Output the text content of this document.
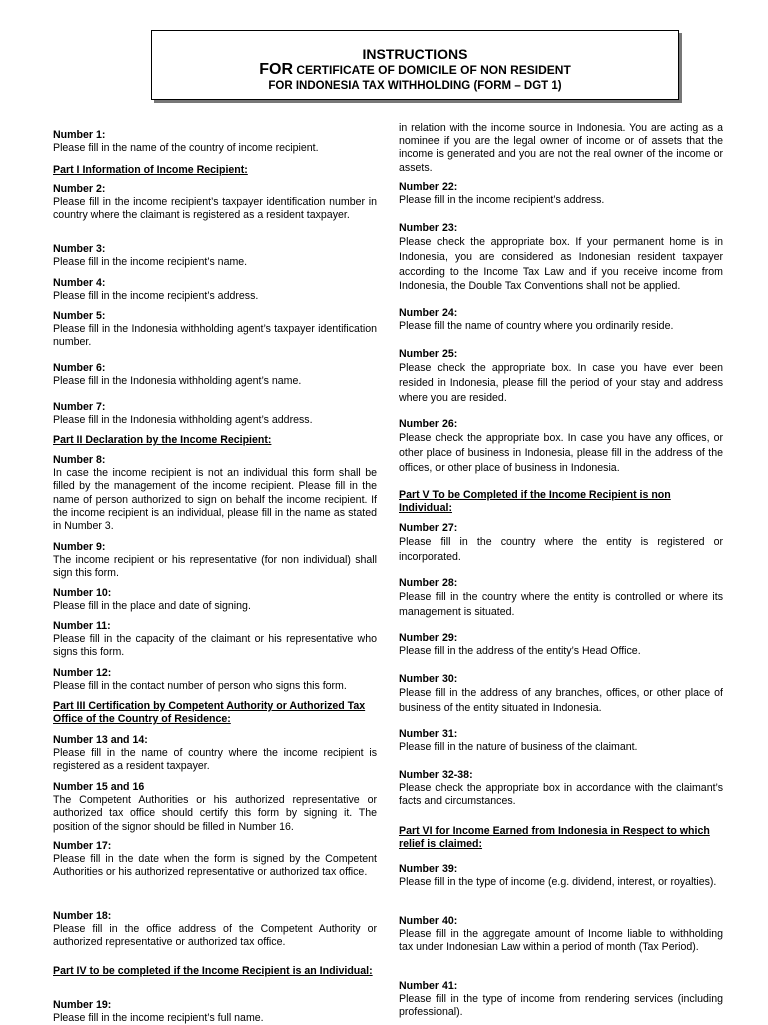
INSTRUCTIONS
FOR CERTIFICATE OF DOMICILE OF NON RESIDENT
FOR INDONESIA TAX WITHHOLDING (FORM – DGT 1)
Number 1:
Please fill in the name of the country of income recipient.
Part I Information of Income Recipient:
Number 2:
Please fill in the income recipient’s taxpayer identification number in country where the claimant is registered as a resident taxpayer.
Number 3:
Please fill in the income recipient’s name.
Number 4:
Please fill in the income recipient’s address.
Number 5:
Please fill in the Indonesia withholding agent’s taxpayer identification number.
Number 6:
Please fill in the Indonesia withholding agent’s name.
Number 7:
Please fill in the Indonesia withholding agent’s address.
Part II Declaration by the Income Recipient:
Number 8:
In case the income recipient is not an individual this form shall be filled by the management of the income recipient. Please fill in the name of person authorized to sign on behalf the income recipient. If the income recipient is an individual, please fill in the name as stated in Number 3.
Number 9:
The income recipient or his representative (for non individual) shall sign this form.
Number 10:
Please fill in the place and date of signing.
Number 11:
Please fill in the capacity of the claimant or his representative who signs this form.
Number 12:
Please fill in the contact number of person who signs this form.
Part III Certification by Competent Authority or Authorized Tax Office of the Country of Residence:
Number 13 and 14:
Please fill in the name of country where the income recipient is registered as a resident taxpayer.
Number 15 and 16
The Competent Authorities or his authorized representative or authorized tax office should certify this form by signing it. The position of the signor should be filled in Number 16.
Number 17:
Please fill in the date when the form is signed by the Competent Authorities or his authorized representative or authorized tax office.
Number 18:
Please fill in the office address of the Competent Authority or authorized representative or authorized tax office.
Part IV to be completed if the Income Recipient is an Individual:
Number 19:
Please fill in the income recipient’s full name.
in relation with the income source in Indonesia. You are acting as a nominee if you are the legal owner of income or of assets that the income is generated and you are not the real owner of the income or assets.
Number 22:
Please fill in the income recipient’s address.
Number 23:
Please check the appropriate box. If your permanent home is in Indonesia, you are considered as Indonesian resident taxpayer according to the Income Tax Law and if you receive income from Indonesia, the Double Tax Conventions shall not be applied.
Number 24:
Please fill the name of country where you ordinarily reside.
Number 25:
Please check the appropriate box. In case you have ever been resided in Indonesia, please fill the period of your stay and address where you are resided.
Number 26:
Please check the appropriate box. In case you have any offices, or other place of business in Indonesia, please fill in the address of the offices, or other place of business in Indonesia.
Part V To be Completed if the Income Recipient is non Individual:
Number 27:
Please fill in the country where the entity is registered or incorporated.
Number 28:
Please fill in the country where the entity is controlled or where its management is situated.
Number 29:
Please fill in the address of the entity’s Head Office.
Number 30:
Please fill in the address of any branches, offices, or other place of business of the entity situated in Indonesia.
Number 31:
Please fill in the nature of business of the claimant.
Number 32-38:
Please check the appropriate box in accordance with the claimant’s facts and circumstances.
Part VI for Income Earned from Indonesia in Respect to which relief is claimed:
Number 39:
Please fill in the type of income (e.g. dividend, interest, or royalties).
Number 40:
Please fill in the aggregate amount of Income liable to withholding tax under Indonesian Law within a period of month (Tax Period).
Number 41:
Please fill in the type of income from rendering services (including professional).
